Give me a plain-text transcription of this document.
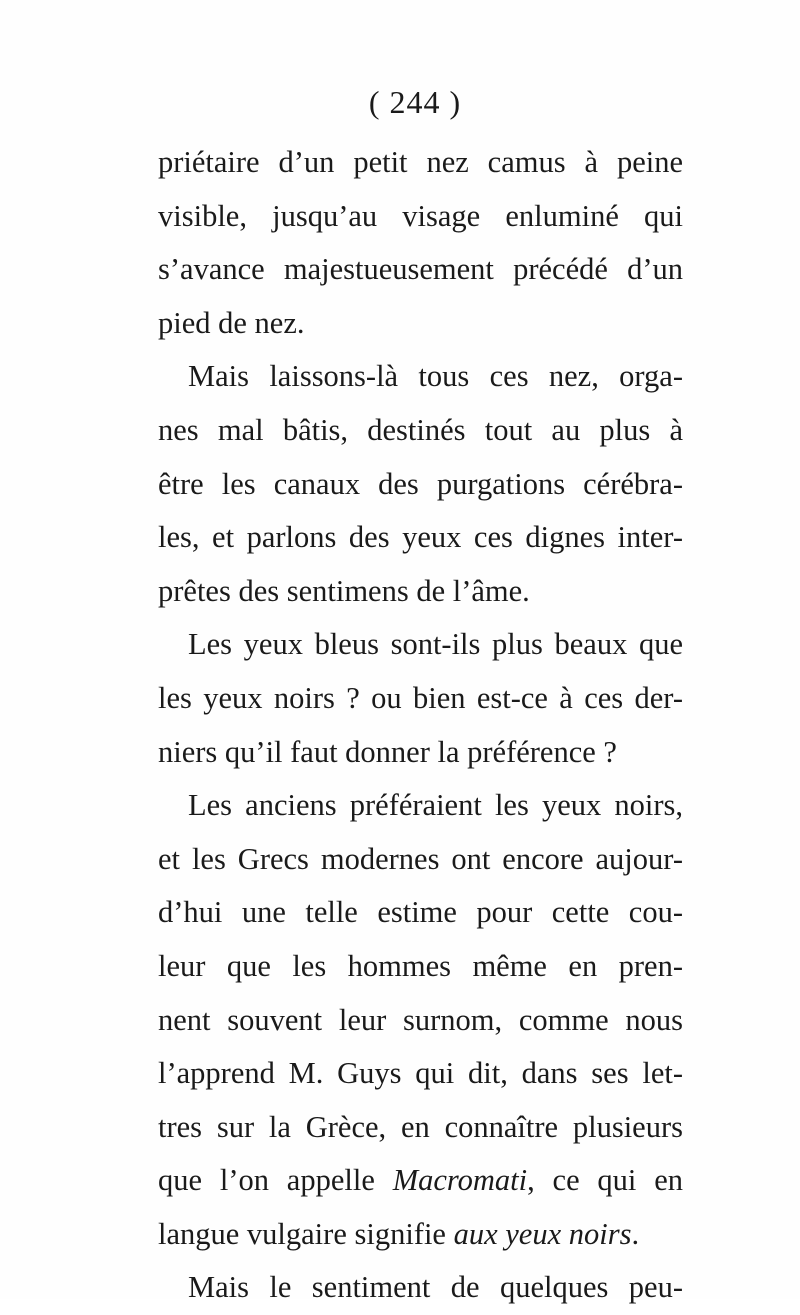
( 244 )

priétaire d’un petit nez camus à peine
visible, jusqu’au visage enluminé qui
s’avance majestueusement précédé d’un
pied de nez.
Mais laissons-là tous ces nez, orga-
nes mal bâtis, destinés tout au plus à
être les canaux des purgations cérébra-
les, et parlons des yeux ces dignes inter-
prêtes des sentimens de l’âme.
Les yeux bleus sont-ils plus beaux que
les yeux noirs ? ou bien est-ce à ces der-
niers qu’il faut donner la préférence ?
Les anciens préféraient les yeux noirs,
et les Grecs modernes ont encore aujour-
d’hui une telle estime pour cette cou-
leur que les hommes même en pren-
nent souvent leur surnom, comme nous
l’apprend M. Guys qui dit, dans ses let-
tres sur la Grèce, en connaître plusieurs
que l’on appelle Macromati, ce qui en
langue vulgaire signifie aux yeux noirs.
Mais le sentiment de quelques peu-
